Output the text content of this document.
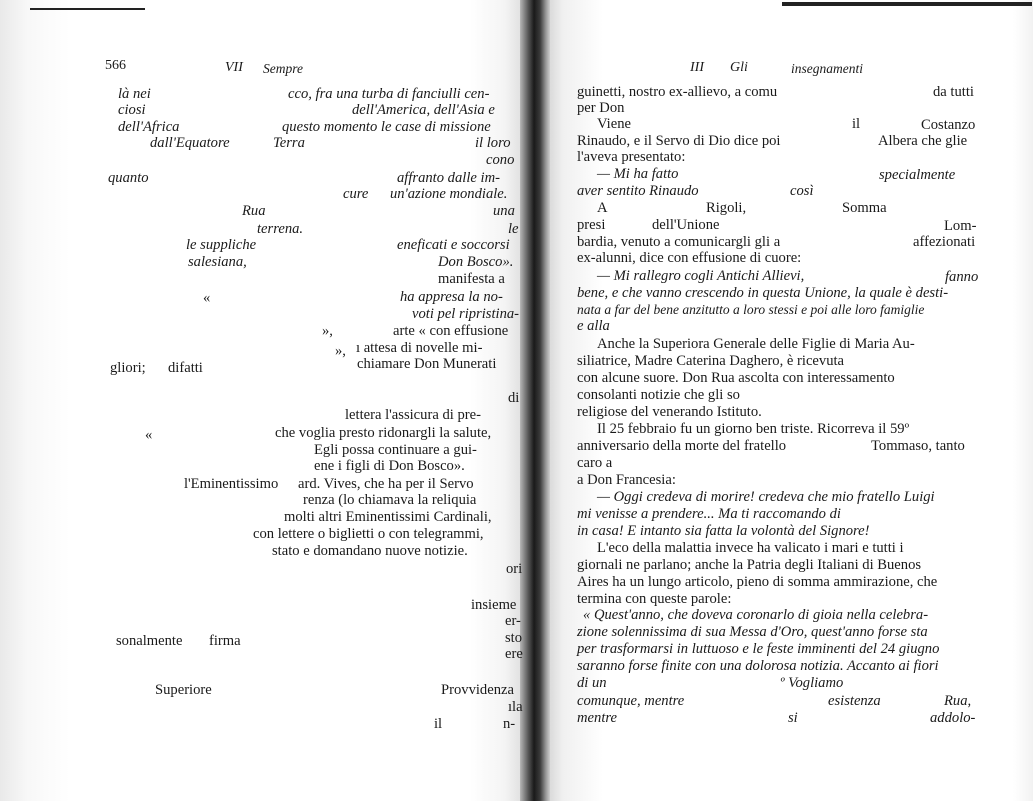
566	VII Sempre
là nei	cco, fra una turba di fanciulli cen-
ciosi	dell'America, dell'Asia e
dell'Africa	questo momento le case di missione
dall'Equatore	Terra	il loro
cono
quanto	affranto dalle im-
cure un'azione mondiale.
Rua	una
terrena.	le
le suppliche	eneficati e soccorsi
salesiana,	Don Bosco».
manifesta a
«	ha appresa la no-
voti pel ripristina-
»,	arte « con effusione
», ı attesa di novelle mi-
chiamare Don Munerati
gliori; difatti
di
lettera l'assicura di pre-
«	che voglia presto ridonargli la salute,
Egli possa continuare a gui-
ene i figli di Don Bosco».
l'Eminentissimo ard. Vives, che ha per il Servo
renza (lo chiamava la reliquia
molti altri Eminentissimi Cardinali,
con lettere o biglietti o con telegrammi,
stato e domandano nuove notizie.
ori
insieme
er-
sto
sonalmente firma
ere
Superiore	Provvidenza
ıla
il	n-
III Gli	insegnamenti
guinetti, nostro ex-allievo, a comu	da tutti
per Don
Viene	il	Costanzo
Rinaudo, e il Servo di Dio dice poi	Albera che glie
l'aveva presentato:
— Mi ha fatto	specialmente
aver sentito Rinaudo	così
A	Rigoli,	Somma
presi	dell'Unione	Lom-
bardia, venuto a comunicargli gli a	affezionati
ex-alunni, dice con effusione di cuore:
— Mi rallegro cogli Antichi Allievi,	fanno
bene, e che vanno crescendo in questa Unione, la quale è desti-
nata a far del bene anzitutto a loro stessi e poi alle loro famiglie
e alla
Anche la Superiora Generale delle Figlie di Maria Au-
siliatrice, Madre Caterina Daghero, è ricevuta
con alcune suore. Don Rua ascolta con interessamento
consolanti notizie che gli so
religiose del venerando Istituto.
Il 25 febbraio fu un giorno ben triste. Ricorreva il 59º
anniversario della morte del fratello	Tommaso, tanto
caro a
a Don Francesia:
— Oggi credeva di morire! credeva che mio fratello Luigi
mi venisse a prendere... Ma ti raccomando di
in casa! E intanto sia fatta la volontà del Signore!
L'eco della malattia invece ha valicato i mari e tutti i
giornali ne parlano; anche la Patria degli Italiani di Buenos
Aires ha un lungo articolo, pieno di somma ammirazione, che
termina con queste parole:
« Quest'anno, che doveva coronarlo di gioia nella celebra-
zione solennissima di sua Messa d'Oro, quest'anno forse sta
per trasformarsi in luttuoso e le feste imminenti del 24 giugno
saranno forse finite con una dolorosa notizia. Accanto ai fiori
di un	º Vogliamo
comunque, mentre	esistenza	Rua,
mentre	si	addolo-
